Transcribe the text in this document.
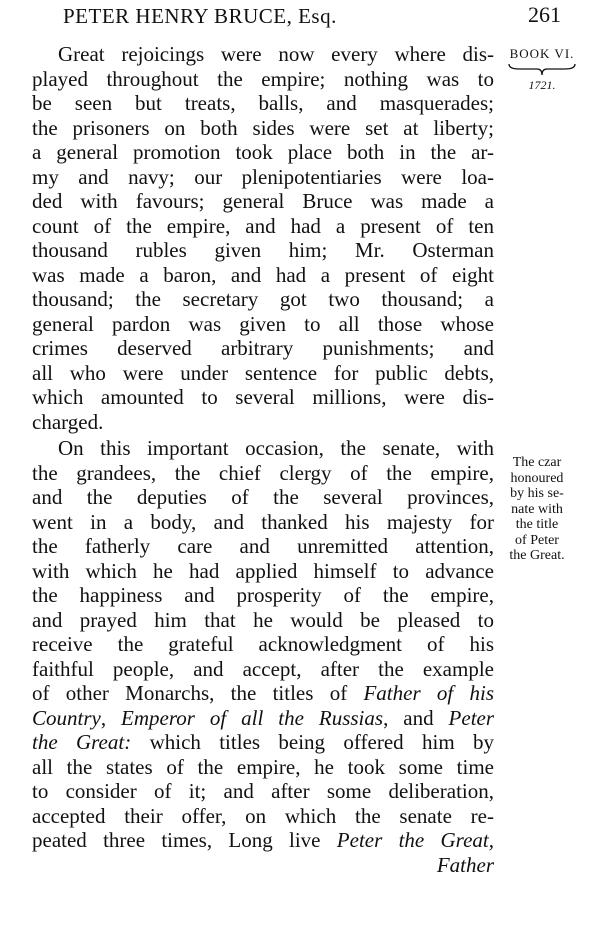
PETER HENRY BRUCE, Esq.	261
BOOK VI.
1721.
Great rejoicings were now every where dis-
played throughout the empire; nothing was to
be seen but treats, balls, and masquerades;
the prisoners on both sides were set at liberty;
a general promotion took place both in the ar-
my and navy; our plenipotentiaries were loa-
ded with favours; general Bruce was made a
count of the empire, and had a present of ten
thousand rubles given him; Mr. Osterman
was made a baron, and had a present of eight
thousand; the secretary got two thousand; a
general pardon was given to all those whose
crimes deserved arbitrary punishments; and
all who were under sentence for public debts,
which amounted to several millions, were dis-
charged.
On this important occasion, the senate, with
the grandees, the chief clergy of the empire,
and the deputies of the several provinces,
went in a body, and thanked his majesty for
the fatherly care and unremitted attention,
with which he had applied himself to advance
the happiness and prosperity of the empire,
and prayed him that he would be pleased to
receive the grateful acknowledgment of his
faithful people, and accept, after the example
of other Monarchs, the titles of Father of his
Country, Emperor of all the Russias, and Peter
the Great: which titles being offered him by
all the states of the empire, he took some time
to consider of it; and after some deliberation,
accepted their offer, on which the senate re-
peated three times, Long live Peter the Great,
Father
The czar
honoured
by his se-
nate with
the title
of Peter
the Great.
